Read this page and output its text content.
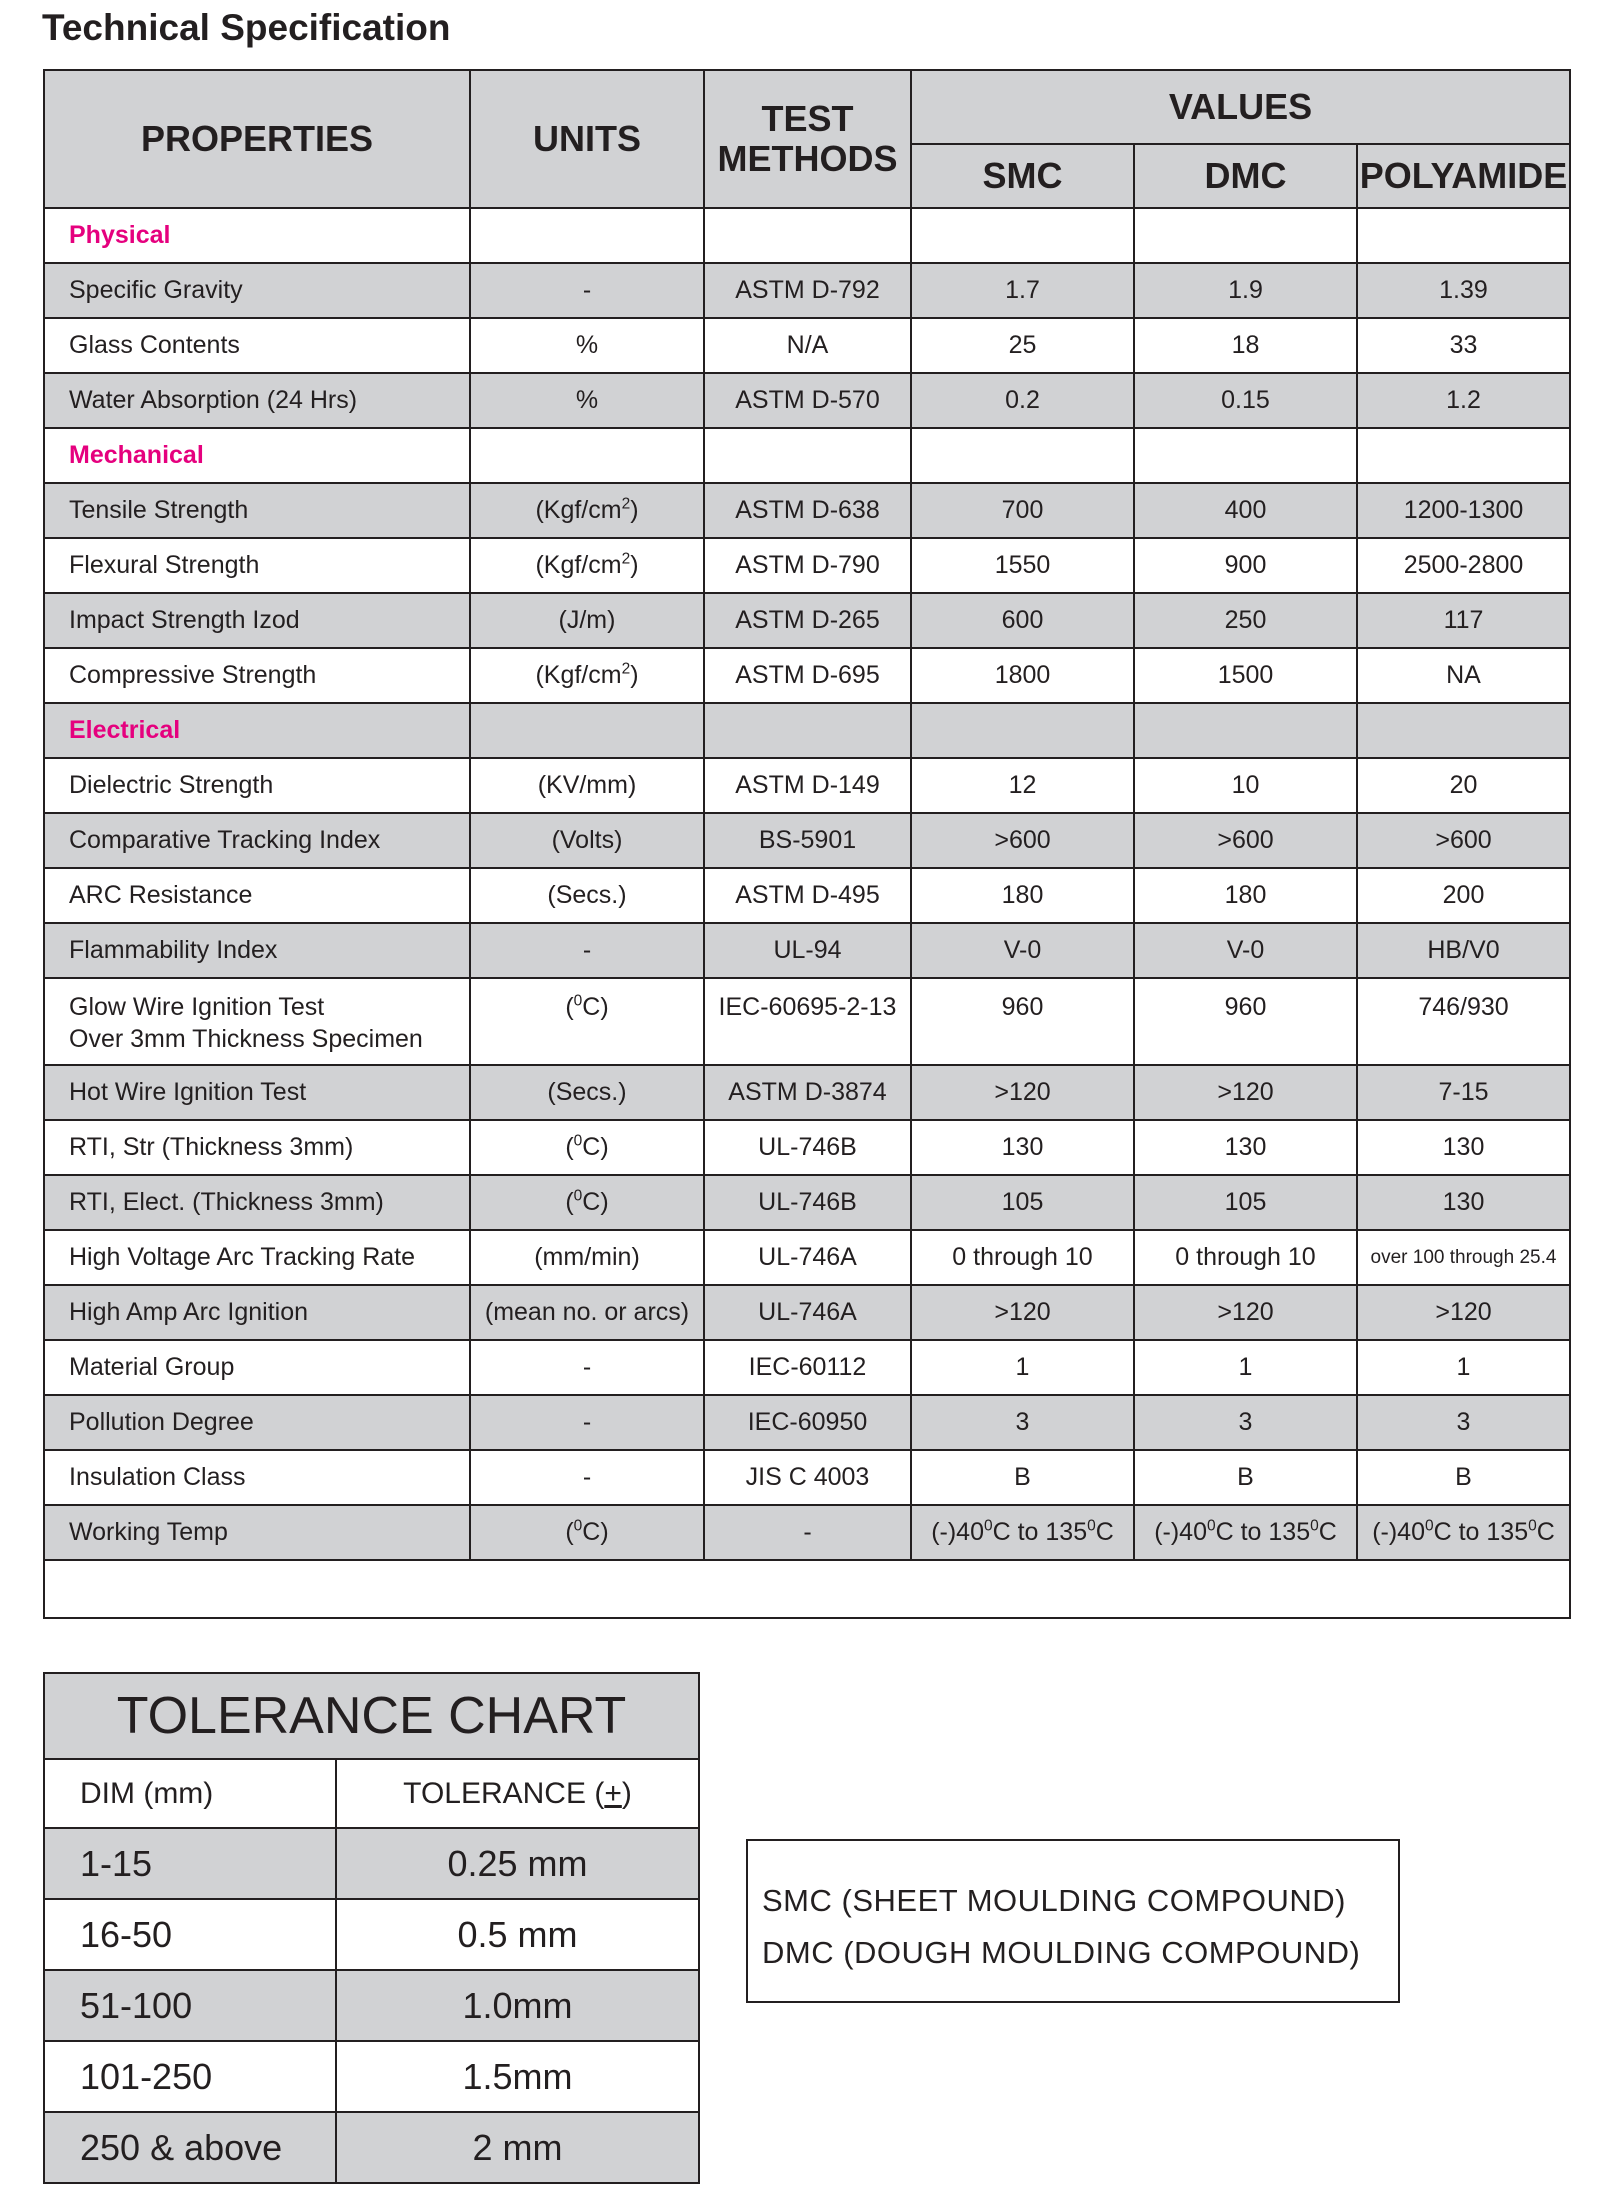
Technical Specification
PROPERTIES	UNITS	TEST METHODS	VALUES		
			SMC	DMC	POLYAMIDE
Physical					
Specific Gravity	-	ASTM D-792	1.7	1.9	1.39
Glass Contents	%	N/A	25	18	33
Water Absorption (24 Hrs)	%	ASTM D-570	0.2	0.15	1.2
Mechanical					
Tensile Strength	$(Kgf/cm^2)$	ASTM D-638	700	400	1200-1300
Flexural Strength	$(Kgf/cm^2)$	ASTM D-790	1550	900	2500-2800
Impact Strength Izod	(J/m)	ASTM D-265	600	250	117
Compressive Strength	$(Kgf/cm^2)$	ASTM D-695	1800	1500	NA
Electrical					
Dielectric Strength	(KV/mm)	ASTM D-149	12	10	20
Comparative Tracking Index	(Volts)	BS-5901	>600	>600	>600
ARC Resistance	(Secs.)	ASTM D-495	180	180	200
Flammability Index	-	UL-94	V-0	V-0	HB/V0

Glow Wire Ignition Test
Over 3mm Thickness Specimen	($^0$C)	IEC-60695-2-13	960	960	746/930
Hot Wire Ignition Test	(Secs.)	ASTM D-3874	>120	>120	7-15
RTI, Str (Thickness 3mm)	($^0$C)	UL-746B	130	130	130
RTI, Elect. (Thickness 3mm)	($^0$C)	UL-746B	105	105	130
High Voltage Arc Tracking Rate	(mm/min)	UL-746A	0 through 10	0 through 10	over 100 through 25.4
High Amp Arc Ignition	(mean no. or arcs)	UL-746A	>120	>120	>120
Material Group	-	IEC-60112	1	1	1
Pollution Degree	-	IEC-60950	3	3	3
Insulation Class	-	JIS C 4003	B	B	B
Working Temp	($^0$C)	-	$(-)40^0C$ to $135^0C$	$(-)40^0C$ to $135^0C$	$(-)40^0C$ to $135^0C$

TOLERANCE CHART	
DIM (mm)	TOLERANCE (+)
1-15	0.25 mm
16-50	0.5 mm
51-100	1.0mm
101-250	1.5mm
250 & above	2 mm
SMC (SHEET MOULDING COMPOUND)
DMC (DOUGH MOULDING COMPOUND)
